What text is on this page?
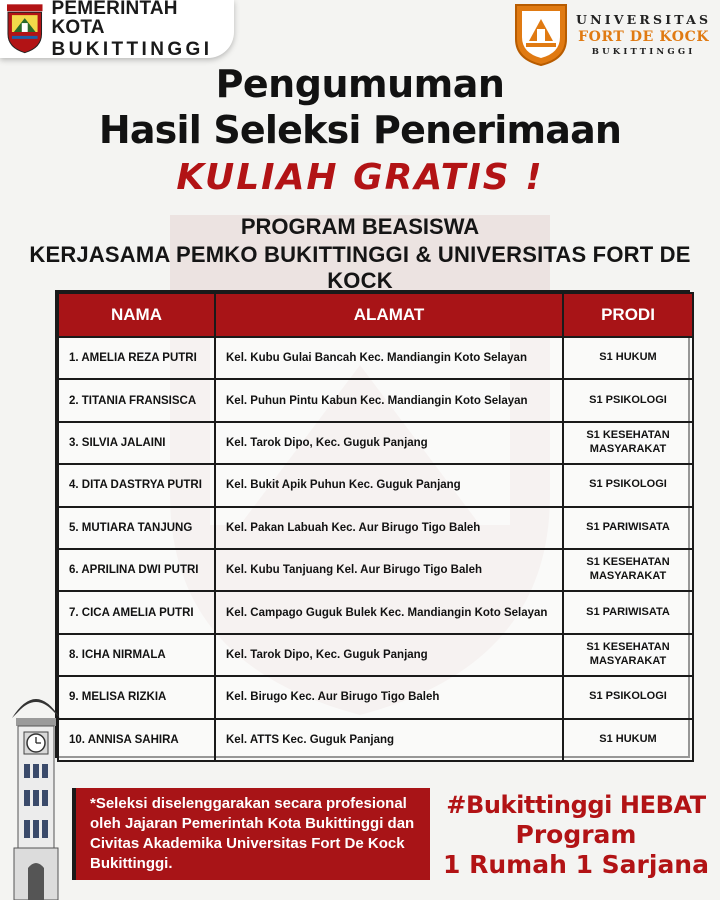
PEMERINTAH KOTA
BUKITTINGGI
UNIVERSITAS
FORT DE KOCK
BUKITTINGGI
Pengumuman
Hasil Seleksi Penerimaan
KULIAH GRATIS !
PROGRAM BEASISWA
KERJASAMA PEMKO BUKITTINGGI & UNIVERSITAS FORT DE KOCK
NAMA	ALAMAT	PRODI
1. AMELIA REZA PUTRI	Kel. Kubu Gulai Bancah Kec. Mandiangin Koto Selayan	S1 HUKUM
2. TITANIA FRANSISCA	Kel. Puhun Pintu Kabun Kec. Mandiangin Koto Selayan	S1 PSIKOLOGI
3. SILVIA JALAINI	Kel. Tarok Dipo, Kec. Guguk Panjang	S1 KESEHATAN MASYARAKAT
4. DITA DASTRYA PUTRI	Kel. Bukit Apik Puhun Kec. Guguk Panjang	S1 PSIKOLOGI
5. MUTIARA TANJUNG	Kel. Pakan Labuah Kec. Aur Birugo Tigo Baleh	S1 PARIWISATA
6. APRILINA DWI PUTRI	Kel. Kubu Tanjuang Kel. Aur Birugo Tigo Baleh	S1 KESEHATAN MASYARAKAT
7. CICA AMELIA PUTRI	Kel. Campago Guguk Bulek Kec. Mandiangin Koto Selayan	S1 PARIWISATA
8. ICHA NIRMALA	Kel. Tarok Dipo, Kec. Guguk Panjang	S1 KESEHATAN MASYARAKAT
9. MELISA RIZKIA	Kel. Birugo Kec. Aur Birugo Tigo Baleh	S1 PSIKOLOGI
10. ANNISA SAHIRA	Kel. ATTS Kec. Guguk Panjang	S1 HUKUM
*Seleksi diselenggarakan secara profesional oleh Jajaran Pemerintah Kota Bukittinggi dan Civitas Akademika Universitas Fort De Kock Bukittinggi.
#Bukittinggi HEBAT
Program
1 Rumah 1 Sarjana
